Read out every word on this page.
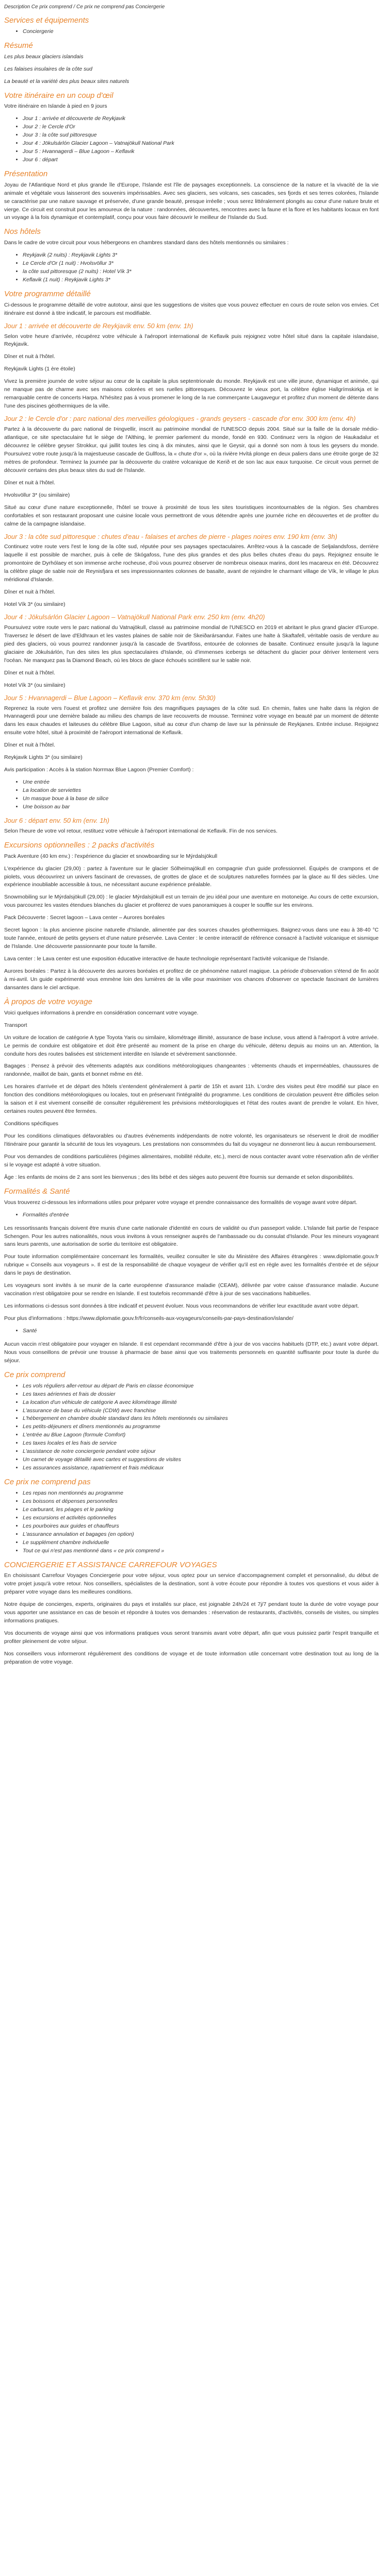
Description Ce prix comprend / Ce prix ne comprend pas Conciergerie

Services et équipements
• Conciergerie
Résumé

Les plus beaux glaciers islandais

Les falaises insulaires de la côte sud

La beauté et la variété des plus beaux sites naturels

Votre itinéraire en un coup d'œil

Votre itinéraire en Islande à pied en 9 jours

• Jour 1 : arrivée et découverte de Reykjavik
• Jour 2 : le Cercle d'Or
• Jour 3 : la côte sud pittoresque
• Jour 4 : Jökulsárlón Glacier Lagoon – Vatnajökull National Park
• Jour 5 : Hvannagerdi – Blue Lagoon – Keflavik
• Jour 6 : départ
Présentation

Joyau de l'Atlantique Nord et plus grande île d'Europe, l'Islande est l'île de paysages exceptionnels. La conscience de la nature et la vivacité de la vie animale et végétale vous laisseront des souvenirs impérissables. Avec ses glaciers, ses volcans, ses cascades, ses fjords et ses terres colorées, l'Islande se caractérise par une nature sauvage et préservée, d'une grande beauté, presque irréelle ; vous serez littéralement plongés au cœur d'une nature brute et vierge. Ce circuit est construit pour les amoureux de la nature : randonnées, découvertes, rencontres avec la faune et la flore et les habitants locaux en font un voyage à la fois dynamique et contemplatif, conçu pour vous faire découvrir le meilleur de l'Islande du Sud.

Nos hôtels

Dans le cadre de votre circuit pour vous hébergeons en chambres standard dans des hôtels mentionnés ou similaires :

• Reykjavik (2 nuits) : Reykjavik Lights 3*
• Le Cercle d'Or (1 nuit) : Hvolsvöllur 3*
• la côte sud pittoresque (2 nuits) : Hotel Vík 3*
• Keflavik (1 nuit) : Reykjavik Lights 3*
Votre programme détaillé

Ci-dessous le programme détaillé de votre autotour, ainsi que les suggestions de visites que vous pouvez effectuer en cours de route selon vos envies. Cet itinéraire est donné à titre indicatif, le parcours est modifiable.

Jour 1 : arrivée et découverte de Reykjavik env. 50 km (env. 1h)

Selon votre heure d'arrivée, récupérez votre véhicule à l'aéroport international de Keflavik puis rejoignez votre hôtel situé dans la capitale islandaise, Reykjavik.

Dîner et nuit à l'hôtel.

Reykjavik Lights (1 ère étoile)

Vivez la première journée de votre séjour au cœur de la capitale la plus septentrionale du monde. Reykjavik est une ville jeune, dynamique et animée, qui ne manque pas de charme avec ses maisons colorées et ses ruelles pittoresques. Découvrez le vieux port, la célèbre église Hallgrímskirkja et le remarquable centre de concerts Harpa. N'hésitez pas à vous promener le long de la rue commerçante Laugavegur et profitez d'un moment de détente dans l'une des piscines géothermiques de la ville.

Jour 2 : le Cercle d'or : parc national des merveilles géologiques - grands geysers - cascade d'or env. 300 km (env. 4h)

Partez à la découverte du parc national de Þingvellir, inscrit au patrimoine mondial de l'UNESCO depuis 2004. Situé sur la faille de la dorsale médio-atlantique, ce site spectaculaire fut le siège de l'Althing, le premier parlement du monde, fondé en 930. Continuez vers la région de Haukadalur et découvrez le célèbre geyser Strokkur, qui jaillit toutes les cinq à dix minutes, ainsi que le Geysir, qui a donné son nom à tous les geysers du monde. Poursuivez votre route jusqu'à la majestueuse cascade de Gullfoss, la « chute d'or », où la rivière Hvítá plonge en deux paliers dans une étroite gorge de 32 mètres de profondeur. Terminez la journée par la découverte du cratère volcanique de Kerið et de son lac aux eaux turquoise. Ce circuit vous permet de découvrir certains des plus beaux sites du sud de l'Islande.

Dîner et nuit à l'hôtel.

Hvolsvöllur 3* (ou similaire)

Situé au cœur d'une nature exceptionnelle, l'hôtel se trouve à proximité de tous les sites touristiques incontournables de la région. Ses chambres confortables et son restaurant proposant une cuisine locale vous permettront de vous détendre après une journée riche en découvertes et de profiter du calme de la campagne islandaise.

Jour 3 : la côte sud pittoresque : chutes d'eau - falaises et arches de pierre - plages noires env. 190 km (env. 3h)

Continuez votre route vers l'est le long de la côte sud, réputée pour ses paysages spectaculaires. Arrêtez-vous à la cascade de Seljalandsfoss, derrière laquelle il est possible de marcher, puis à celle de Skógafoss, l'une des plus grandes et des plus belles chutes d'eau du pays. Rejoignez ensuite le promontoire de Dyrhólaey et son immense arche rocheuse, d'où vous pourrez observer de nombreux oiseaux marins, dont les macareux en été. Découvrez la célèbre plage de sable noir de Reynisfjara et ses impressionnantes colonnes de basalte, avant de rejoindre le charmant village de Vík, le village le plus méridional d'Islande.

Dîner et nuit à l'hôtel.

Hotel Vík 3* (ou similaire)

Jour 4 : Jökulsárlón Glacier Lagoon – Vatnajökull National Park env. 250 km (env. 4h20)

Poursuivez votre route vers le parc national du Vatnajökull, classé au patrimoine mondial de l'UNESCO en 2019 et abritant le plus grand glacier d'Europe. Traversez le désert de lave d'Eldhraun et les vastes plaines de sable noir de Skeiðarársandur. Faites une halte à Skaftafell, véritable oasis de verdure au pied des glaciers, où vous pourrez randonner jusqu'à la cascade de Svartifoss, entourée de colonnes de basalte. Continuez ensuite jusqu'à la lagune glaciaire de Jökulsárlón, l'un des sites les plus spectaculaires d'Islande, où d'immenses icebergs se détachent du glacier pour dériver lentement vers l'océan. Ne manquez pas la Diamond Beach, où les blocs de glace échoués scintillent sur le sable noir.

Dîner et nuit à l'hôtel.

Hotel Vík 3* (ou similaire)

Jour 5 : Hvannagerdi – Blue Lagoon – Keflavik env. 370 km (env. 5h30)

Reprenez la route vers l'ouest et profitez une dernière fois des magnifiques paysages de la côte sud. En chemin, faites une halte dans la région de Hvannagerdi pour une dernière balade au milieu des champs de lave recouverts de mousse. Terminez votre voyage en beauté par un moment de détente dans les eaux chaudes et laiteuses du célèbre Blue Lagoon, situé au cœur d'un champ de lave sur la péninsule de Reykjanes. Entrée incluse. Rejoignez ensuite votre hôtel, situé à proximité de l'aéroport international de Keflavik.

Dîner et nuit à l'hôtel.

Reykjavik Lights 3* (ou similaire)

Avis participation : Accès à la station Norrmax Blue Lagoon (Premier Comfort) :

• Une entrée
• La location de serviettes
• Un masque boue à la base de silice
• Une boisson au bar
Jour 6 : départ env. 50 km (env. 1h)

Selon l'heure de votre vol retour, restituez votre véhicule à l'aéroport international de Keflavik. Fin de nos services.

Excursions optionnelles : 2 packs d'activités

Pack Aventure (40 km env.) : l'expérience du glacier et snowboarding sur le Mýrdalsjökull

L'expérience du glacier (29,00) : partez à l'aventure sur le glacier Sólheimajökull en compagnie d'un guide professionnel. Équipés de crampons et de piolets, vous découvrirez un univers fascinant de crevasses, de grottes de glace et de sculptures naturelles formées par la glace au fil des siècles. Une expérience inoubliable accessible à tous, ne nécessitant aucune expérience préalable.

Snowmobiling sur le Mýrdalsjökull (29,00) : le glacier Mýrdalsjökull est un terrain de jeu idéal pour une aventure en motoneige. Au cours de cette excursion, vous parcourrez les vastes étendues blanches du glacier et profiterez de vues panoramiques à couper le souffle sur les environs.

Pack Découverte : Secret lagoon – Lava center – Aurores boréales

Secret lagoon : la plus ancienne piscine naturelle d'Islande, alimentée par des sources chaudes géothermiques. Baignez-vous dans une eau à 38-40 °C toute l'année, entouré de petits geysers et d'une nature préservée. Lava Center : le centre interactif de référence consacré à l'activité volcanique et sismique de l'Islande. Une découverte passionnante pour toute la famille.

Lava center : le Lava center est une exposition éducative interactive de haute technologie représentant l'activité volcanique de l'Islande.

Aurores boréales : Partez à la découverte des aurores boréales et profitez de ce phénomène naturel magique. La période d'observation s'étend de fin août à mi-avril. Un guide expérimenté vous emmène loin des lumières de la ville pour maximiser vos chances d'observer ce spectacle fascinant de lumières dansantes dans le ciel arctique.

À propos de votre voyage

Voici quelques informations à prendre en considération concernant votre voyage.

Transport

Un voiture de location de catégorie A type Toyota Yaris ou similaire, kilométrage illimité, assurance de base incluse, vous attend à l'aéroport à votre arrivée. Le permis de conduire est obligatoire et doit être présenté au moment de la prise en charge du véhicule, détenu depuis au moins un an. Attention, la conduite hors des routes balisées est strictement interdite en Islande et sévèrement sanctionnée.

Bagages : Pensez à prévoir des vêtements adaptés aux conditions météorologiques changeantes : vêtements chauds et imperméables, chaussures de randonnée, maillot de bain, gants et bonnet même en été.

Les horaires d'arrivée et de départ des hôtels s'entendent généralement à partir de 15h et avant 11h. L'ordre des visites peut être modifié sur place en fonction des conditions météorologiques ou locales, tout en préservant l'intégralité du programme. Les conditions de circulation peuvent être difficiles selon la saison et il est vivement conseillé de consulter régulièrement les prévisions météorologiques et l'état des routes avant de prendre le volant. En hiver, certaines routes peuvent être fermées.

Conditions spécifiques

Pour les conditions climatiques défavorables ou d'autres événements indépendants de notre volonté, les organisateurs se réservent le droit de modifier l'itinéraire pour garantir la sécurité de tous les voyageurs. Les prestations non consommées du fait du voyageur ne donneront lieu à aucun remboursement.

Pour vos demandes de conditions particulières (régimes alimentaires, mobilité réduite, etc.), merci de nous contacter avant votre réservation afin de vérifier si le voyage est adapté à votre situation.

Âge : les enfants de moins de 2 ans sont les bienvenus ; des lits bébé et des sièges auto peuvent être fournis sur demande et selon disponibilités.

Formalités & Santé

Vous trouverez ci-dessous les informations utiles pour préparer votre voyage et prendre connaissance des formalités de voyage avant votre départ.

• Formalités d'entrée

Les ressortissants français doivent être munis d'une carte nationale d'identité en cours de validité ou d'un passeport valide. L'Islande fait partie de l'espace Schengen. Pour les autres nationalités, nous vous invitons à vous renseigner auprès de l'ambassade ou du consulat d'Islande. Pour les mineurs voyageant sans leurs parents, une autorisation de sortie du territoire est obligatoire.

Pour toute information complémentaire concernant les formalités, veuillez consulter le site du Ministère des Affaires étrangères : www.diplomatie.gouv.fr rubrique « Conseils aux voyageurs ». Il est de la responsabilité de chaque voyageur de vérifier qu'il est en règle avec les formalités d'entrée et de séjour dans le pays de destination.

Les voyageurs sont invités à se munir de la carte européenne d'assurance maladie (CEAM), délivrée par votre caisse d'assurance maladie. Aucune vaccination n'est obligatoire pour se rendre en Islande. Il est toutefois recommandé d'être à jour de ses vaccinations habituelles.

Les informations ci-dessus sont données à titre indicatif et peuvent évoluer. Nous vous recommandons de vérifier leur exactitude avant votre départ.

Pour plus d'informations : https://www.diplomatie.gouv.fr/fr/conseils-aux-voyageurs/conseils-par-pays-destination/islande/

• Santé

Aucun vaccin n'est obligatoire pour voyager en Islande. Il est cependant recommandé d'être à jour de vos vaccins habituels (DTP, etc.) avant votre départ. Nous vous conseillons de prévoir une trousse à pharmacie de base ainsi que vos traitements personnels en quantité suffisante pour toute la durée du séjour.

Ce prix comprend
• Les vols réguliers aller-retour au départ de Paris en classe économique
• Les taxes aériennes et frais de dossier
• La location d'un véhicule de catégorie A avec kilométrage illimité
• L'assurance de base du véhicule (CDW) avec franchise
• L'hébergement en chambre double standard dans les hôtels mentionnés ou similaires
• Les petits-déjeuners et dîners mentionnés au programme
• L'entrée au Blue Lagoon (formule Comfort)
• Les taxes locales et les frais de service
• L'assistance de notre conciergerie pendant votre séjour
• Un carnet de voyage détaillé avec cartes et suggestions de visites
• Les assurances assistance, rapatriement et frais médicaux
Ce prix ne comprend pas
• Les repas non mentionnés au programme
• Les boissons et dépenses personnelles
• Le carburant, les péages et le parking
• Les excursions et activités optionnelles
• Les pourboires aux guides et chauffeurs
• L'assurance annulation et bagages (en option)
• Le supplément chambre individuelle
• Tout ce qui n'est pas mentionné dans « ce prix comprend »
CONCIERGERIE ET ASSISTANCE CARREFOUR VOYAGES

En choisissant Carrefour Voyages Conciergerie pour votre séjour, vous optez pour un service d'accompagnement complet et personnalisé, du début de votre projet jusqu'à votre retour. Nos conseillers, spécialistes de la destination, sont à votre écoute pour répondre à toutes vos questions et vous aider à préparer votre voyage dans les meilleures conditions.

Notre équipe de concierges, experts, originaires du pays et installés sur place, est joignable 24h/24 et 7j/7 pendant toute la durée de votre voyage pour vous apporter une assistance en cas de besoin et répondre à toutes vos demandes : réservation de restaurants, d'activités, conseils de visites, ou simples informations pratiques.

Vos documents de voyage ainsi que vos informations pratiques vous seront transmis avant votre départ, afin que vous puissiez partir l'esprit tranquille et profiter pleinement de votre séjour.

Nos conseillers vous informeront régulièrement des conditions de voyage et de toute information utile concernant votre destination tout au long de la préparation de votre voyage.
